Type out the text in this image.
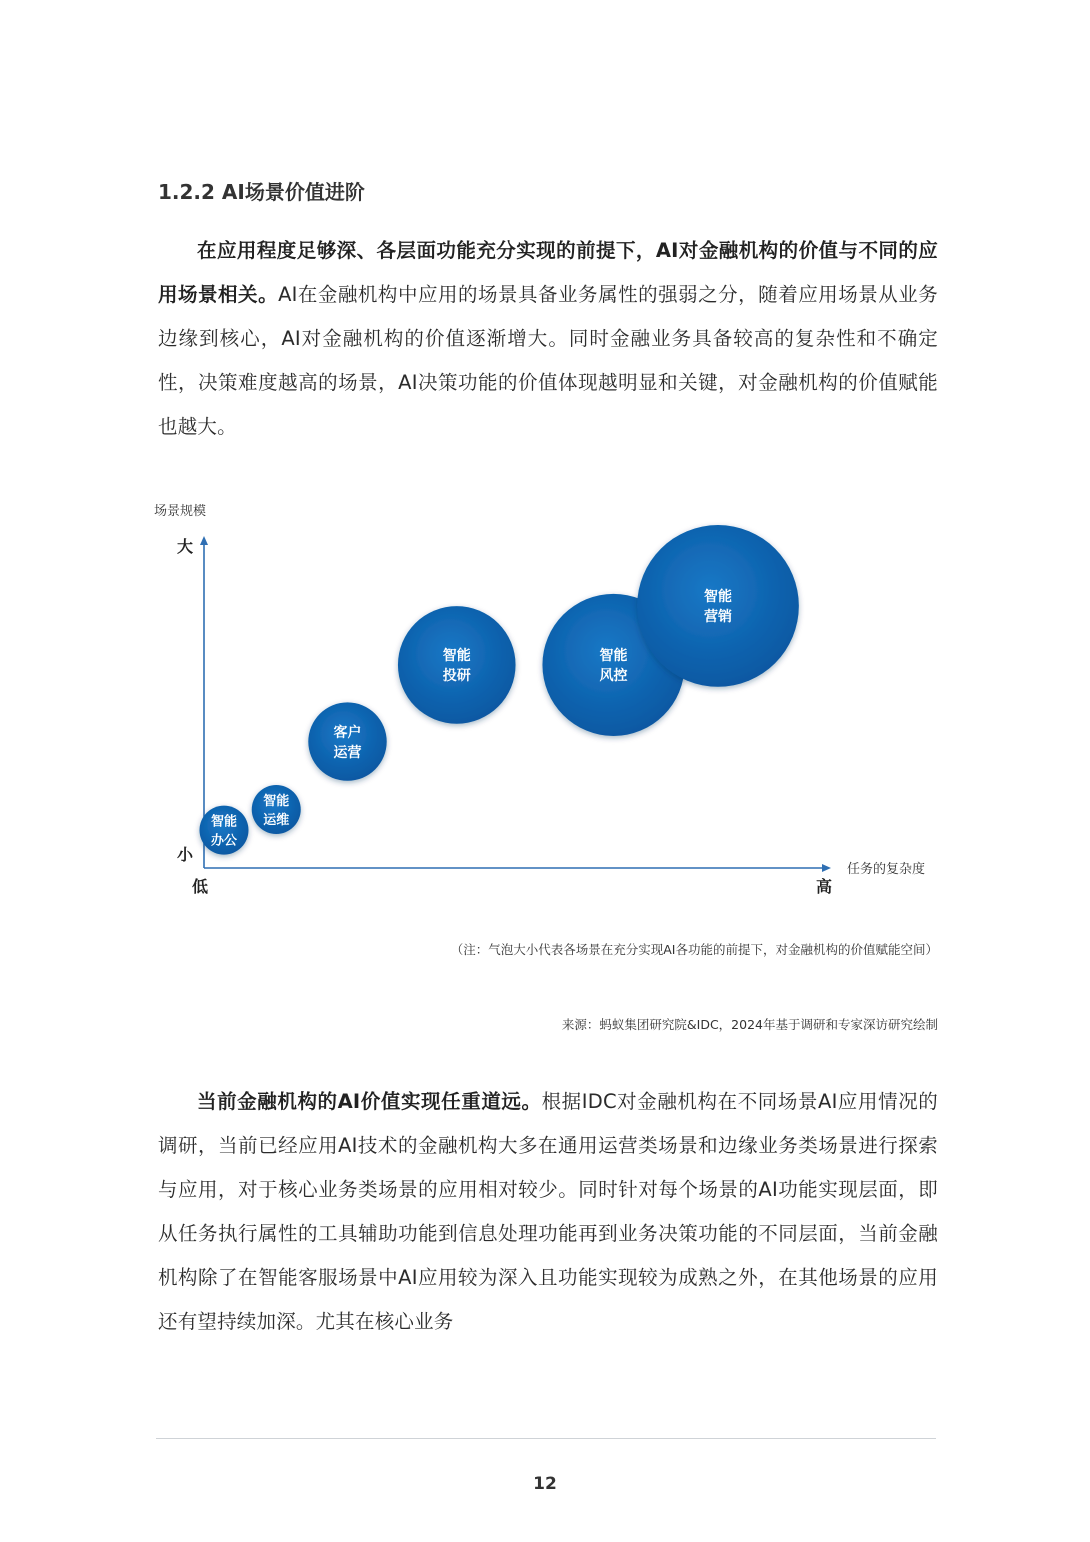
1.2.2 AI场景价值进阶
在应用程度足够深、各层面功能充分实现的前提下，AI对金融机构的价值与不同的应用场景相关。AI在金融机构中应用的场景具备业务属性的强弱之分，随着应用场景从业务边缘到核心，AI对金融机构的价值逐渐增大。同时金融业务具备较高的复杂性和不确定性，决策难度越高的场景，AI决策功能的价值体现越明显和关键，对金融机构的价值赋能也越大。
场景规模
大
小
低	高
任务的复杂度
智能
办公
智能
运维
客户
运营
智能
投研
智能
风控
智能
营销
（注：气泡大小代表各场景在充分实现AI各功能的前提下，对金融机构的价值赋能空间）
来源：蚂蚁集团研究院&IDC，2024年基于调研和专家深访研究绘制
当前金融机构的AI价值实现任重道远。根据IDC对金融机构在不同场景AI应用情况的调研，当前已经应用AI技术的金融机构大多在通用运营类场景和边缘业务类场景进行探索与应用，对于核心业务类场景的应用相对较少。同时针对每个场景的AI功能实现层面，即从任务执行属性的工具辅助功能到信息处理功能再到业务决策功能的不同层面，当前金融机构除了在智能客服场景中AI应用较为深入且功能实现较为成熟之外，在其他场景的应用还有望持续加深。尤其在核心业务
12
